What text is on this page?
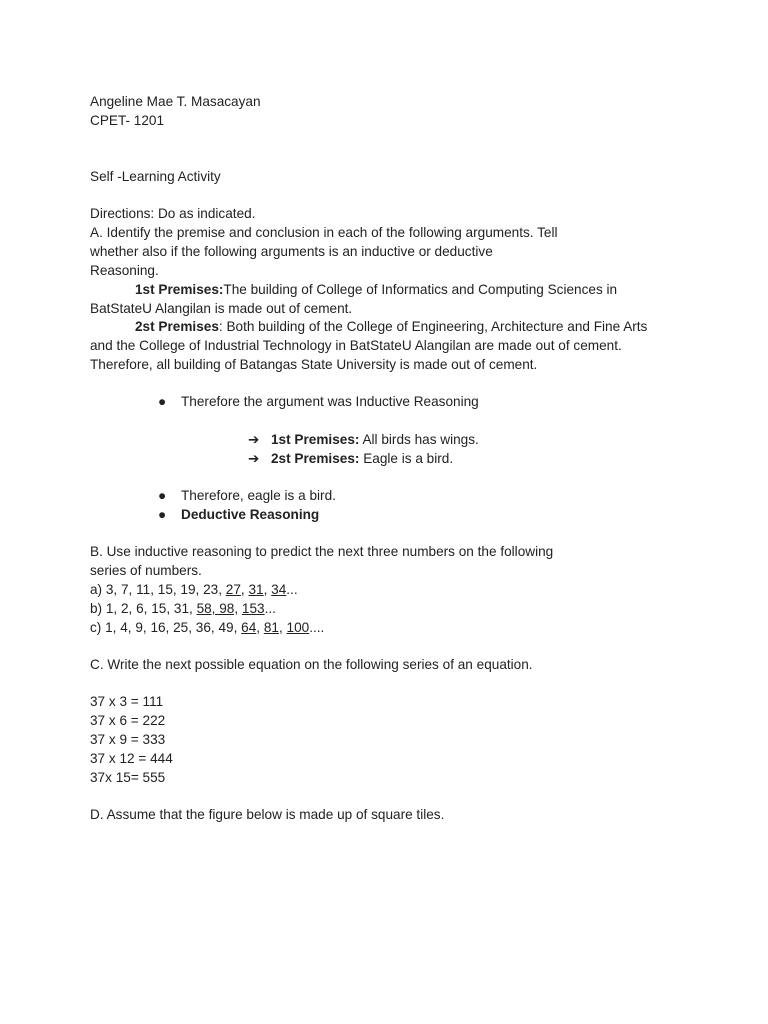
Angeline Mae T. Masacayan
CPET- 1201
Self -Learning Activity
Directions: Do as indicated.
A. Identify the premise and conclusion in each of the following arguments. Tell
whether also if the following arguments is an inductive or deductive
Reasoning.
1st Premises:The building of College of Informatics and Computing Sciences in
BatStateU Alangilan is made out of cement.
2st Premises: Both building of the College of Engineering, Architecture and Fine Arts
and the College of Industrial Technology in BatStateU Alangilan are made out of cement.
Therefore, all building of Batangas State University is made out of cement.
● Therefore the argument was Inductive Reasoning
➔ 1st Premises: All birds has wings.
➔ 2st Premises: Eagle is a bird.
● Therefore, eagle is a bird.
● Deductive Reasoning
B. Use inductive reasoning to predict the next three numbers on the following
series of numbers.
a) 3, 7, 11, 15, 19, 23, 27, 31, 34...
b) 1, 2, 6, 15, 31, 58, 98, 153...
c) 1, 4, 9, 16, 25, 36, 49, 64, 81, 100....
C. Write the next possible equation on the following series of an equation.
37 x 3 = 111
37 x 6 = 222
37 x 9 = 333
37 x 12 = 444
37x 15= 555
D. Assume that the figure below is made up of square tiles.
